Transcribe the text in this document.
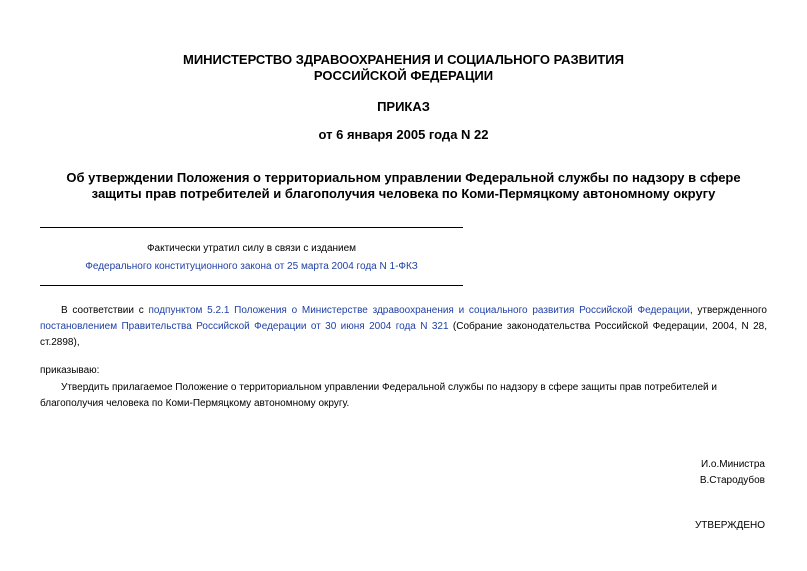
МИНИСТЕРСТВО ЗДРАВООХРАНЕНИЯ И СОЦИАЛЬНОГО РАЗВИТИЯ РОССИЙСКОЙ ФЕДЕРАЦИИ
ПРИКАЗ
от 6 января 2005 года N 22
Об утверждении Положения о территориальном управлении Федеральной службы по надзору в сфере защиты прав потребителей и благополучия человека по Коми-Пермяцкому автономному округу
Фактически утратил силу в связи с изданием
Федерального конституционного закона от 25 марта 2004 года N 1-ФКЗ
В соответствии с подпунктом 5.2.1 Положения о Министерстве здравоохранения и социального развития Российской Федерации, утвержденного постановлением Правительства Российской Федерации от 30 июня 2004 года N 321 (Собрание законодательства Российской Федерации, 2004, N 28, ст.2898),
приказываю:
Утвердить прилагаемое Положение о территориальном управлении Федеральной службы по надзору в сфере защиты прав потребителей и благополучия человека по Коми-Пермяцкому автономному округу.
И.о.Министра
В.Стародубов
УТВЕРЖДЕНО
